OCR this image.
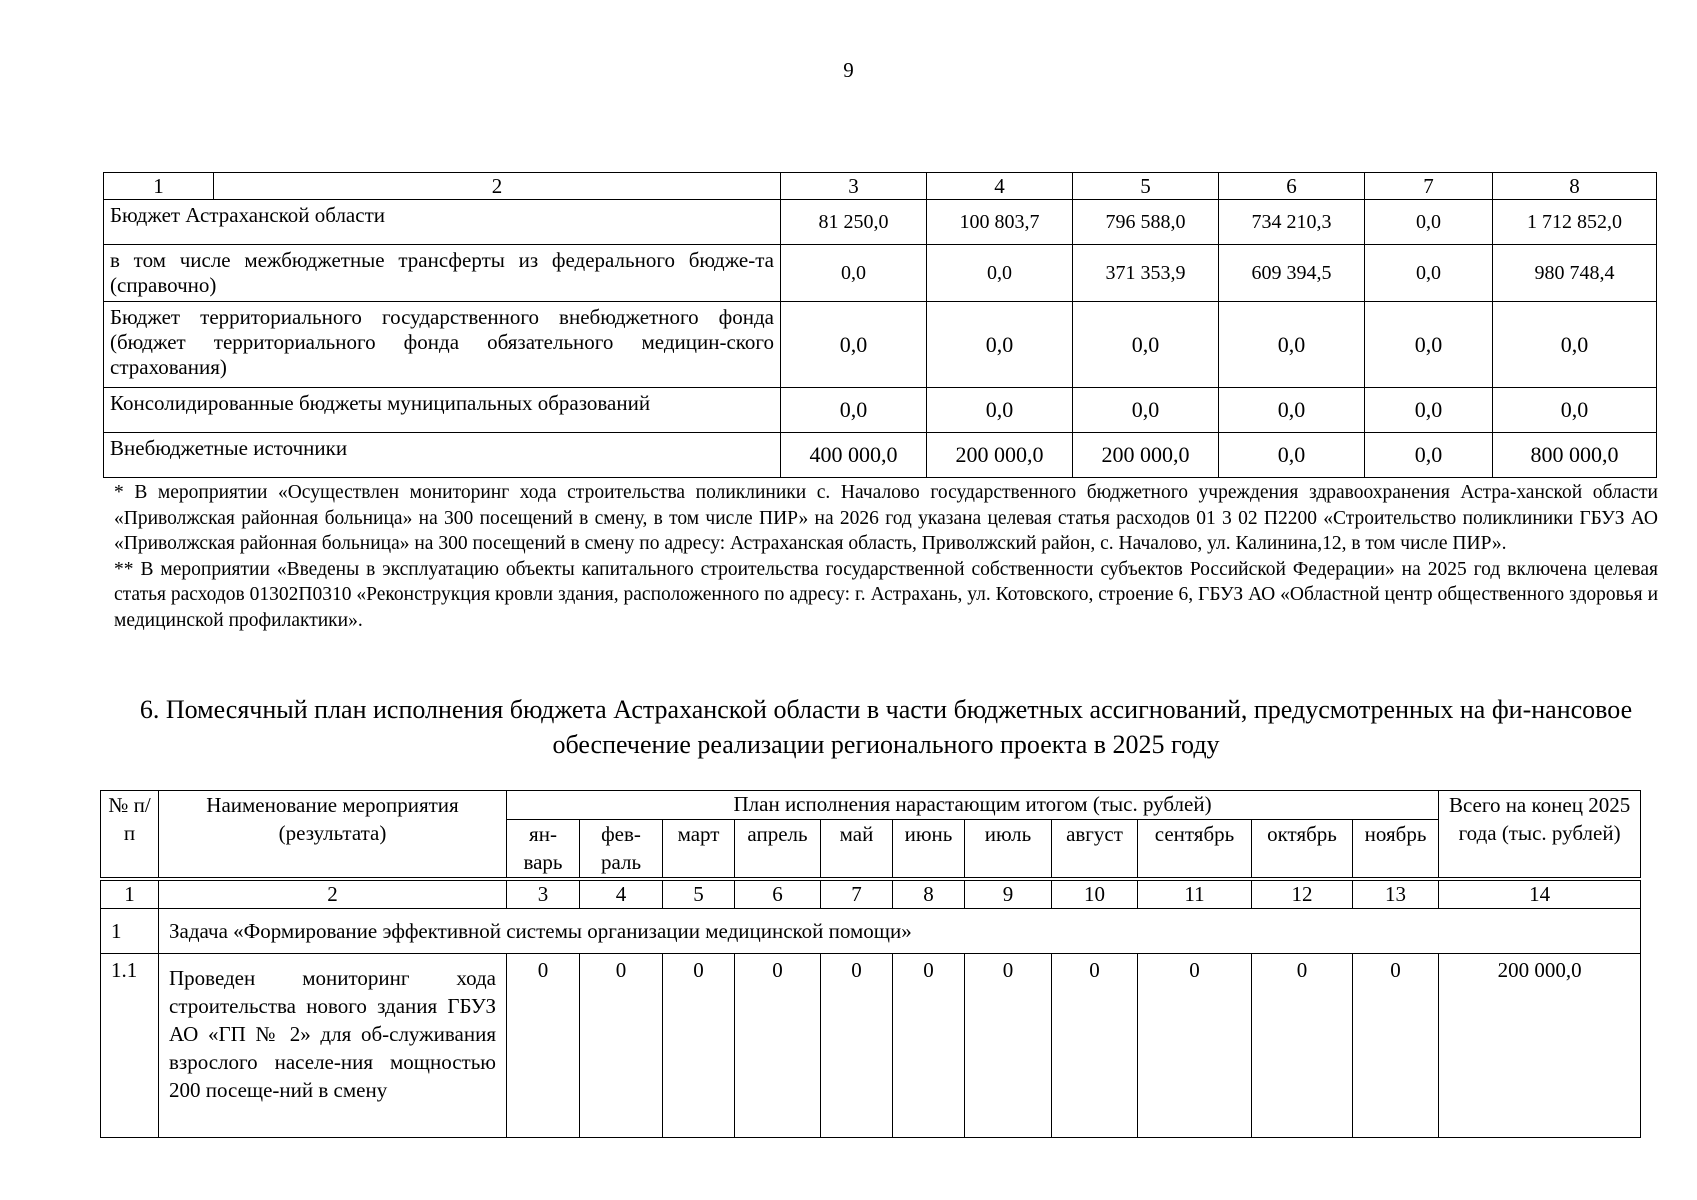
9
1	2	3	4	5	6	7	8
Бюджет Астраханской области		81 250,0	100 803,7	796 588,0	734 210,3	0,0	1 712 852,0
в том числе межбюджетные трансферты из федерального бюдже-та (справочно)		0,0	0,0	371 353,9	609 394,5	0,0	980 748,4
Бюджет территориального государственного внебюджетного фонда (бюджет территориального фонда обязательного медицин-ского страхования)		0,0	0,0	0,0	0,0	0,0	0,0
Консолидированные бюджеты муниципальных образований		0,0	0,0	0,0	0,0	0,0	0,0
Внебюджетные источники		400 000,0	200 000,0	200 000,0	0,0	0,0	800 000,0

* В мероприятии «Осуществлен мониторинг хода строительства поликлиники с. Началово государственного бюджетного учреждения здравоохранения Астра-ханской области «Приволжская районная больница» на 300 посещений в смену, в том числе ПИР» на 2026 год указана целевая статья расходов 01 3 02 П2200 «Строительство поликлиники ГБУЗ АО «Приволжская районная больница» на 300 посещений в смену по адресу: Астраханская область, Приволжский район, с. Началово, ул. Калинина,12, в том числе ПИР».

** В мероприятии «Введены в эксплуатацию объекты капитального строительства государственной собственности субъектов Российской Федерации» на 2025 год включена целевая статья расходов 01302П0310 «Реконструкция кровли здания, расположенного по адресу: г. Астрахань, ул. Котовского, строение 6, ГБУЗ АО «Областной центр общественного здоровья и медицинской профилактики».

6. Помесячный план исполнения бюджета Астраханской области в части бюджетных ассигнований, предусмотренных на фи-нансовое обеспечение реализации регионального проекта в 2025 году
№ п/п	Наименование мероприятия (результата)	План исполнения нарастающим итогом (тыс. рублей)											Всего на конец 2025 года (тыс. рублей)
		ян-варь	фев-раль	март	апрель	май	июнь	июль	август	сентябрь	октябрь	ноябрь	

1	2	3	4	5	6	7	8	9	10	11	12	13	14
1	Задача «Формирование эффективной системы организации медицинской помощи»												
1.1	Проведен мониторинг хода строительства нового здания ГБУЗ АО «ГП № 2» для об-служивания взрослого населе-ния мощностью 200 посеще-ний в смену	0	0	0	0	0	0	0	0	0	0	0	200 000,0
